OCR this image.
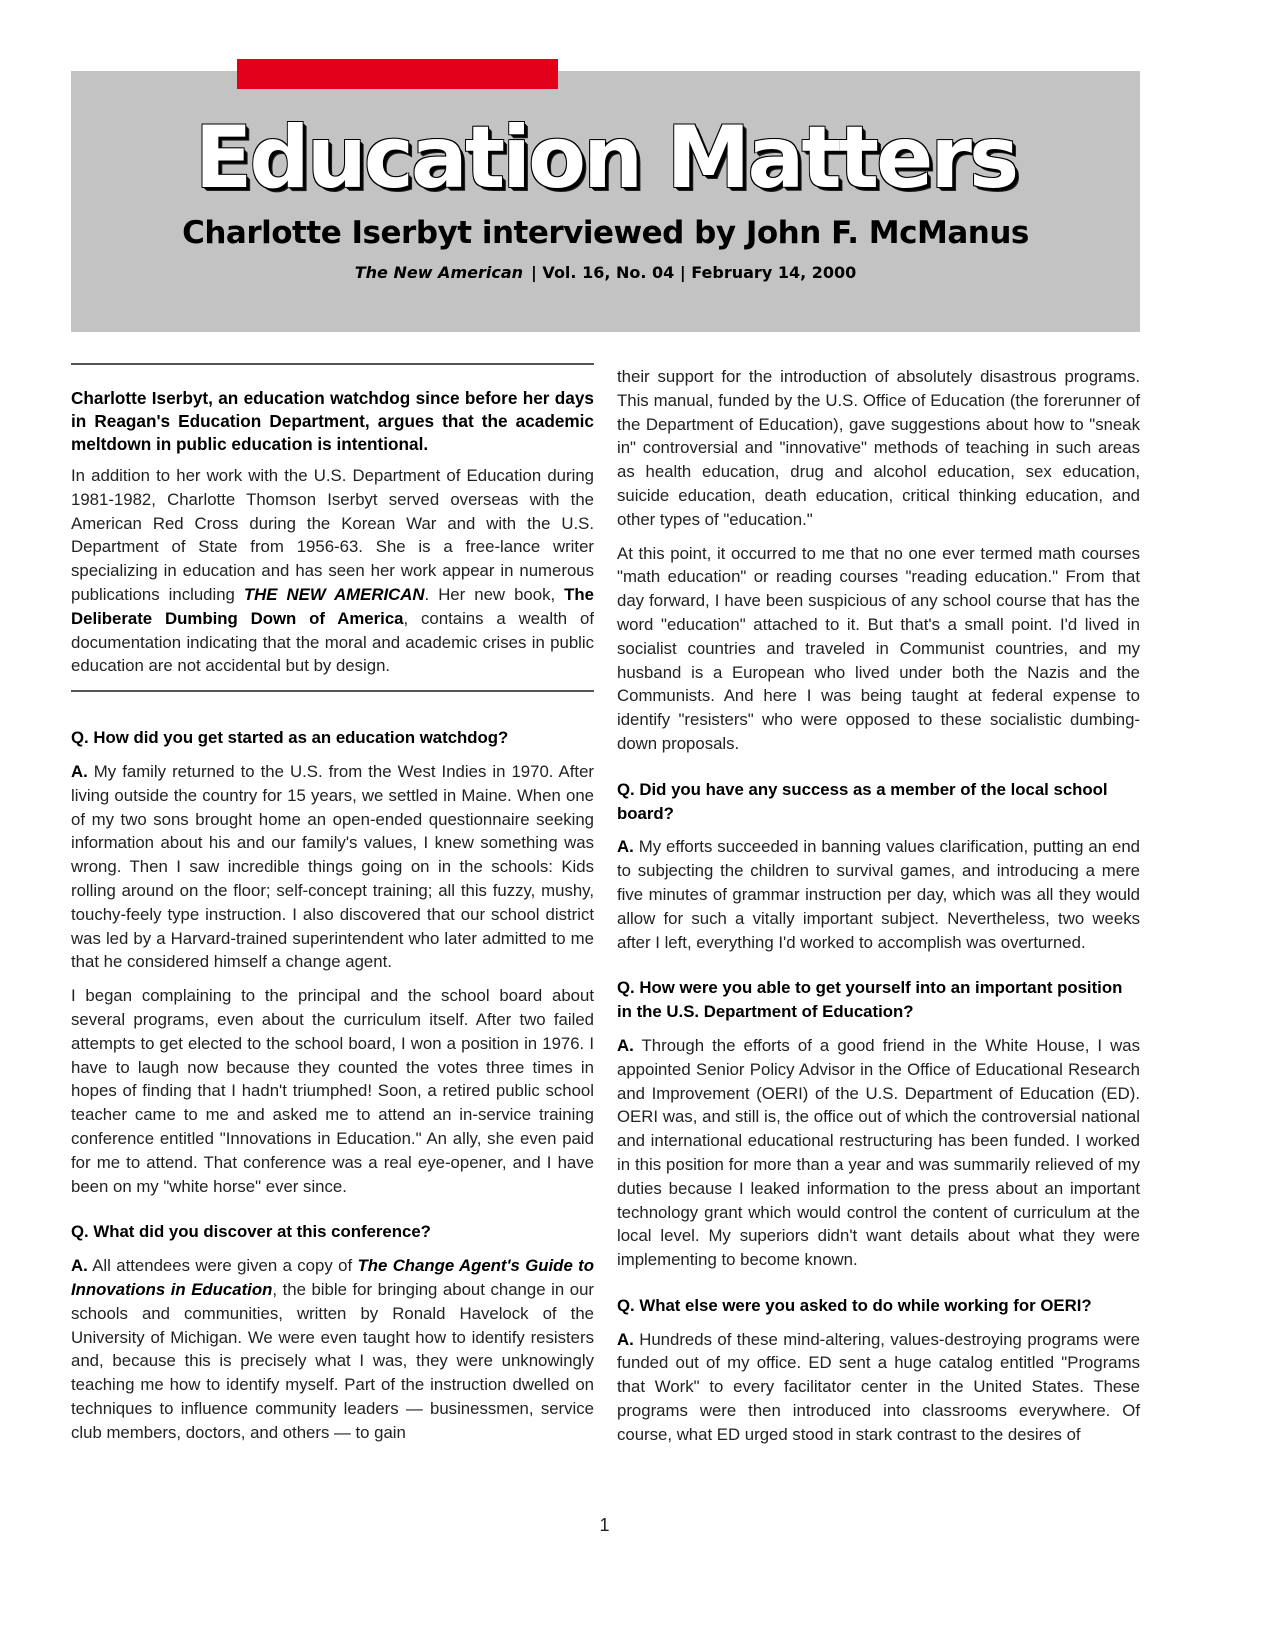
Education Matters
Charlotte Iserbyt interviewed by John F. McManus
The New American | Vol. 16, No. 04 | February 14, 2000

Charlotte Iserbyt, an education watchdog since before her days in Reagan's Education Department, argues that the academic meltdown in public education is intentional.

In addition to her work with the U.S. Department of Education during 1981-1982, Charlotte Thomson Iserbyt served overseas with the American Red Cross during the Korean War and with the U.S. Department of State from 1956-63. She is a free-lance writer specializing in education and has seen her work appear in numerous publications including THE NEW AMERICAN. Her new book, The Deliberate Dumbing Down of America, contains a wealth of documentation indicating that the moral and academic crises in public education are not accidental but by design.

Q. How did you get started as an education watchdog?

A. My family returned to the U.S. from the West Indies in 1970. After living outside the country for 15 years, we settled in Maine. When one of my two sons brought home an open-ended questionnaire seeking information about his and our family's values, I knew something was wrong. Then I saw incredible things going on in the schools: Kids rolling around on the floor; self-concept training; all this fuzzy, mushy, touchy-feely type instruction. I also discovered that our school district was led by a Harvard-trained superintendent who later admitted to me that he considered himself a change agent.

I began complaining to the principal and the school board about several programs, even about the curriculum itself. After two failed attempts to get elected to the school board, I won a position in 1976. I have to laugh now because they counted the votes three times in hopes of finding that I hadn't triumphed! Soon, a retired public school teacher came to me and asked me to attend an in-service training conference entitled "Innovations in Education." An ally, she even paid for me to attend. That conference was a real eye-opener, and I have been on my "white horse" ever since.

Q. What did you discover at this conference?

A. All attendees were given a copy of The Change Agent's Guide to Innovations in Education, the bible for bringing about change in our schools and communities, written by Ronald Havelock of the University of Michigan. We were even taught how to identify resisters and, because this is precisely what I was, they were unknowingly teaching me how to identify myself. Part of the instruction dwelled on techniques to influence community leaders — businessmen, service club members, doctors, and others — to gain

their support for the introduction of absolutely disastrous programs. This manual, funded by the U.S. Office of Education (the forerunner of the Department of Education), gave suggestions about how to "sneak in" controversial and "innovative" methods of teaching in such areas as health education, drug and alcohol education, sex education, suicide education, death education, critical thinking education, and other types of "education."

At this point, it occurred to me that no one ever termed math courses "math education" or reading courses "reading education." From that day forward, I have been suspicious of any school course that has the word "education" attached to it. But that's a small point. I'd lived in socialist countries and traveled in Communist countries, and my husband is a European who lived under both the Nazis and the Communists. And here I was being taught at federal expense to identify "resisters" who were opposed to these socialistic dumbing-down proposals.

Q. Did you have any success as a member of the local school board?

A. My efforts succeeded in banning values clarification, putting an end to subjecting the children to survival games, and introducing a mere five minutes of grammar instruction per day, which was all they would allow for such a vitally important subject. Nevertheless, two weeks after I left, everything I'd worked to accomplish was overturned.

Q. How were you able to get yourself into an important position in the U.S. Department of Education?

A. Through the efforts of a good friend in the White House, I was appointed Senior Policy Advisor in the Office of Educational Research and Improvement (OERI) of the U.S. Department of Education (ED). OERI was, and still is, the office out of which the controversial national and international educational restructuring has been funded. I worked in this position for more than a year and was summarily relieved of my duties because I leaked information to the press about an important technology grant which would control the content of curriculum at the local level. My superiors didn't want details about what they were implementing to become known.

Q. What else were you asked to do while working for OERI?

A. Hundreds of these mind-altering, values-destroying programs were funded out of my office. ED sent a huge catalog entitled "Programs that Work" to every facilitator center in the United States. These programs were then introduced into classrooms everywhere. Of course, what ED urged stood in stark contrast to the desires of

1
